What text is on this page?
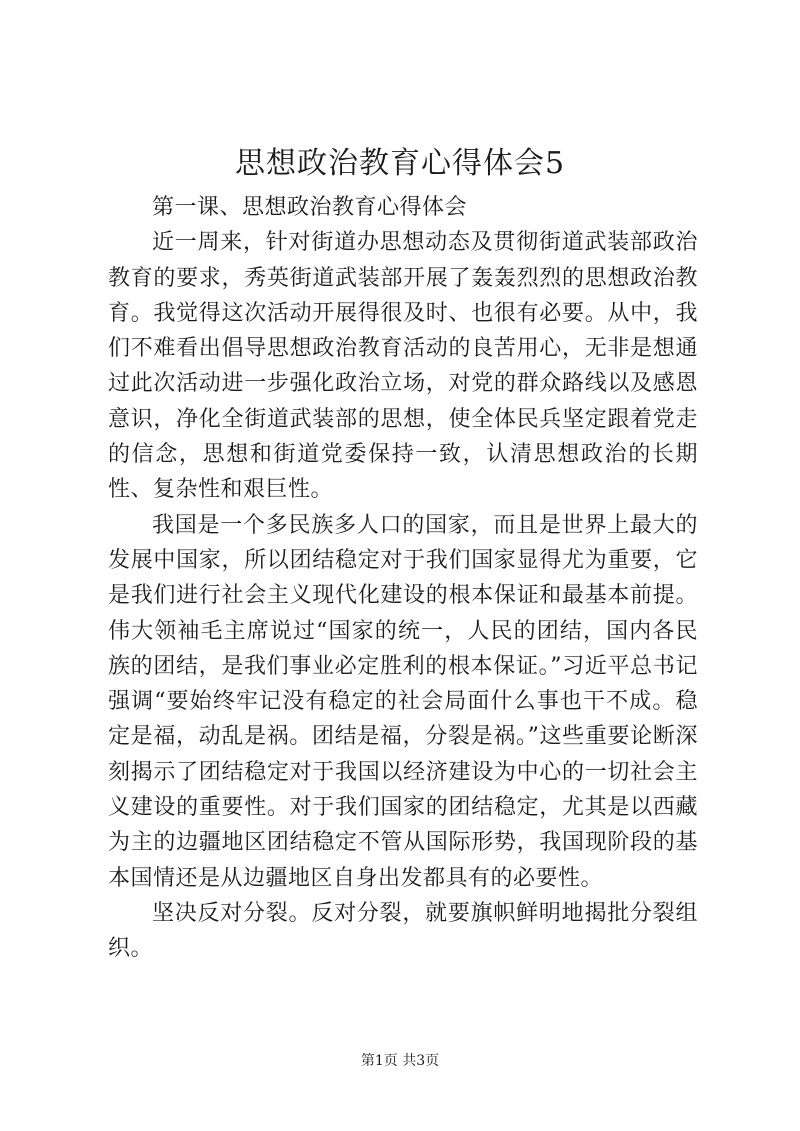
思想政治教育心得体会5

第一课、思想政治教育心得体会

近一周来，针对街道办思想动态及贯彻街道武装部政治教育的要求，秀英街道武装部开展了轰轰烈烈的思想政治教育。我觉得这次活动开展得很及时、也很有必要。从中，我们不难看出倡导思想政治教育活动的良苦用心，无非是想通过此次活动进一步强化政治立场，对党的群众路线以及感恩意识，净化全街道武装部的思想，使全体民兵坚定跟着党走的信念，思想和街道党委保持一致，认清思想政治的长期性、复杂性和艰巨性。

我国是一个多民族多人口的国家，而且是世界上最大的发展中国家，所以团结稳定对于我们国家显得尤为重要，它是我们进行社会主义现代化建设的根本保证和最基本前提。伟大领袖毛主席说过“国家的统一，人民的团结，国内各民族的团结，是我们事业必定胜利的根本保证。”习近平总书记强调“要始终牢记没有稳定的社会局面什么事也干不成。稳定是福，动乱是祸。团结是福，分裂是祸。”这些重要论断深刻揭示了团结稳定对于我国以经济建设为中心的一切社会主义建设的重要性。对于我们国家的团结稳定，尤其是以西藏为主的边疆地区团结稳定不管从国际形势，我国现阶段的基本国情还是从边疆地区自身出发都具有的必要性。

坚决反对分裂。反对分裂，就要旗帜鲜明地揭批分裂组织。

第1页 共3页
